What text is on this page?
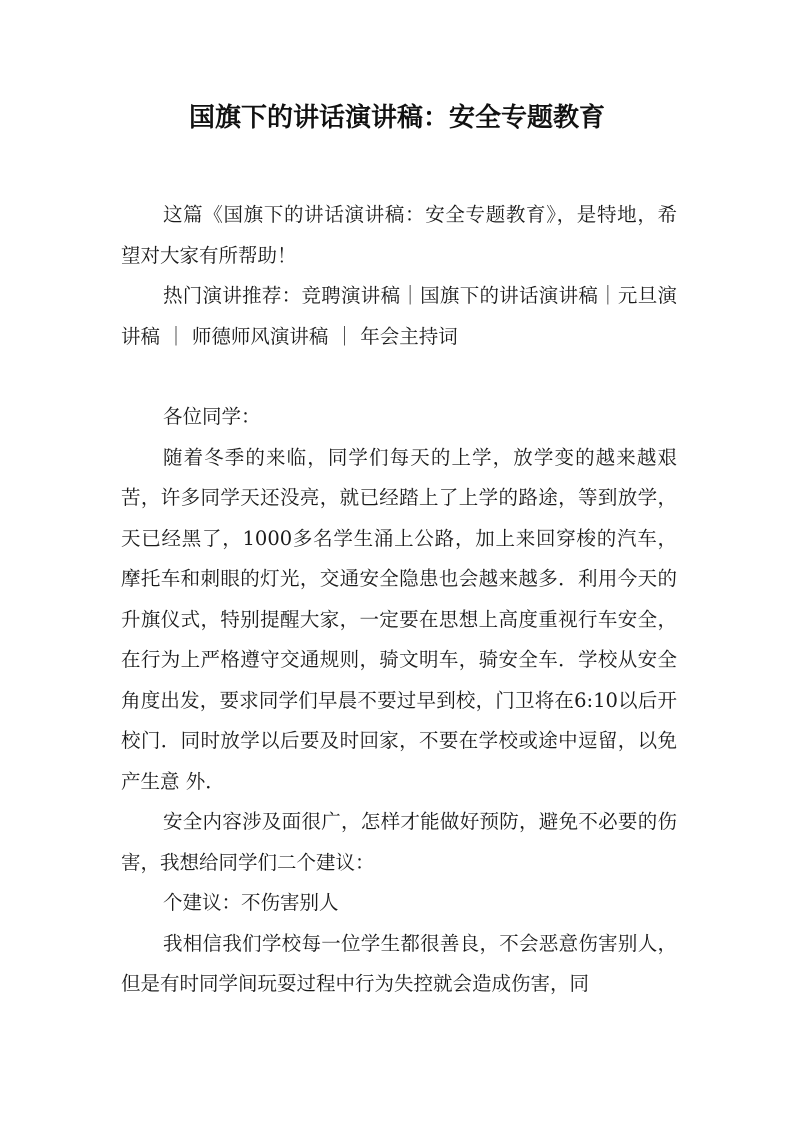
国旗下的讲话演讲稿：安全专题教育

这篇《国旗下的讲话演讲稿：安全专题教育》，是特地，希望对大家有所帮助！

热门演讲推荐：竞聘演讲稿｜国旗下的讲话演讲稿｜元旦演讲稿 ｜ 师德师风演讲稿 ｜ 年会主持词

各位同学：

随着冬季的来临，同学们每天的上学，放学变的越来越艰苦，许多同学天还没亮，就已经踏上了上学的路途，等到放学，天已经黑了，1000多名学生涌上公路，加上来回穿梭的汽车，摩托车和刺眼的灯光，交通安全隐患也会越来越多．利用今天的升旗仪式，特别提醒大家，一定要在思想上高度重视行车安全，在行为上严格遵守交通规则，骑文明车，骑安全车．学校从安全角度出发，要求同学们早晨不要过早到校，门卫将在6:10以后开校门．同时放学以后要及时回家，不要在学校或途中逗留，以免产生意 外．

安全内容涉及面很广，怎样才能做好预防，避免不必要的伤害，我想给同学们二个建议：

个建议：不伤害别人

我相信我们学校每一位学生都很善良，不会恶意伤害别人，但是有时同学间玩耍过程中行为失控就会造成伤害，同
